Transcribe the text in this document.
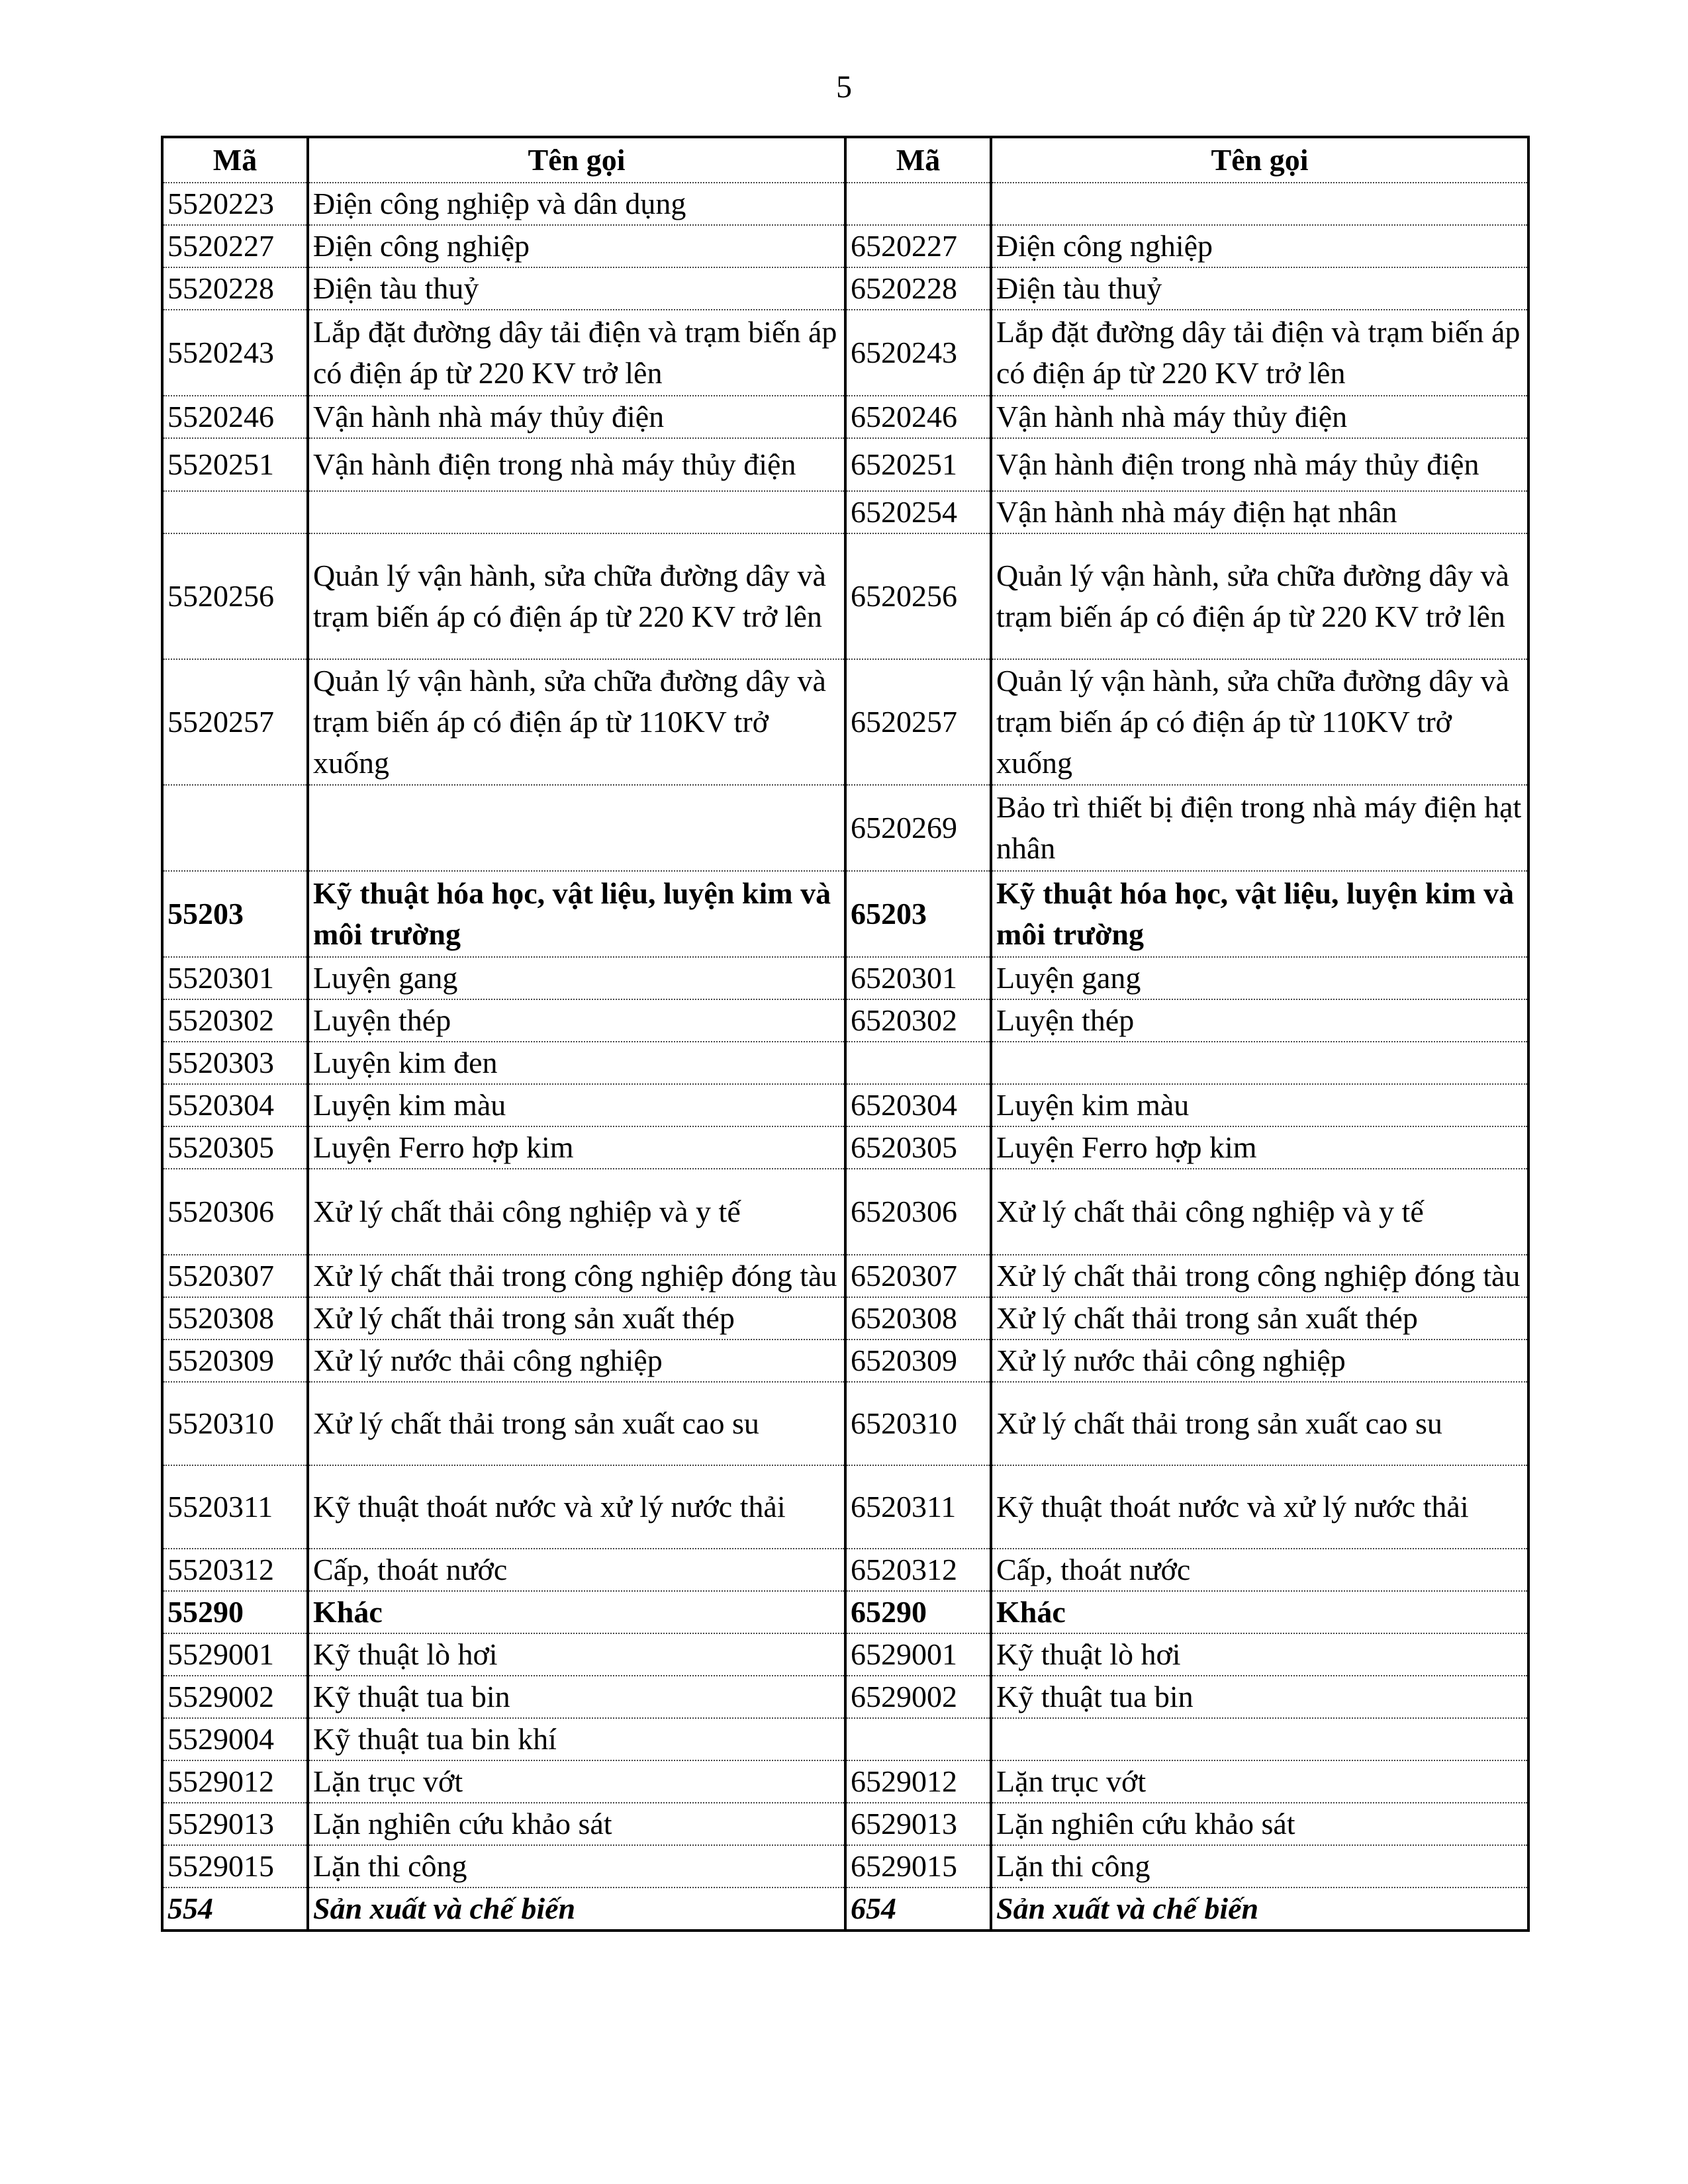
5
Mã	Tên gọi	Mã	Tên gọi
5520223	Điện công nghiệp và dân dụng		
5520227	Điện công nghiệp	6520227	Điện công nghiệp
5520228	Điện tàu thuỷ	6520228	Điện tàu thuỷ
5520243	Lắp đặt đường dây tải điện và trạm biến áp có điện áp từ 220 KV trở lên	6520243	Lắp đặt đường dây tải điện và trạm biến áp có điện áp từ 220 KV trở lên
5520246	Vận hành nhà máy thủy điện	6520246	Vận hành nhà máy thủy điện
5520251	Vận hành điện trong nhà máy thủy điện	6520251	Vận hành điện trong nhà máy thủy điện
		6520254	Vận hành nhà máy điện hạt nhân
5520256	Quản lý vận hành, sửa chữa đường dây và trạm biến áp có điện áp từ 220 KV trở lên	6520256	Quản lý vận hành, sửa chữa đường dây và trạm biến áp có điện áp từ 220 KV trở lên
5520257	Quản lý vận hành, sửa chữa đường dây và trạm biến áp có điện áp từ 110KV trở xuống	6520257	Quản lý vận hành, sửa chữa đường dây và trạm biến áp có điện áp từ 110KV trở xuống
		6520269	Bảo trì thiết bị điện trong nhà máy điện hạt nhân
55203	Kỹ thuật hóa học, vật liệu, luyện kim và môi trường	65203	Kỹ thuật hóa học, vật liệu, luyện kim và môi trường
5520301	Luyện gang	6520301	Luyện gang
5520302	Luyện thép	6520302	Luyện thép
5520303	Luyện kim đen		
5520304	Luyện kim màu	6520304	Luyện kim màu
5520305	Luyện Ferro hợp kim	6520305	Luyện Ferro hợp kim
5520306	Xử lý chất thải công nghiệp và y tế	6520306	Xử lý chất thải công nghiệp và y tế
5520307	Xử lý chất thải trong công nghiệp đóng tàu	6520307	Xử lý chất thải trong công nghiệp đóng tàu
5520308	Xử lý chất thải trong sản xuất thép	6520308	Xử lý chất thải trong sản xuất thép
5520309	Xử lý nước thải công nghiệp	6520309	Xử lý nước thải công nghiệp
5520310	Xử lý chất thải trong sản xuất cao su	6520310	Xử lý chất thải trong sản xuất cao su
5520311	Kỹ thuật thoát nước và xử lý nước thải	6520311	Kỹ thuật thoát nước và xử lý nước thải
5520312	Cấp, thoát nước	6520312	Cấp, thoát nước
55290	Khác	65290	Khác
5529001	Kỹ thuật lò hơi	6529001	Kỹ thuật lò hơi
5529002	Kỹ thuật tua bin	6529002	Kỹ thuật tua bin
5529004	Kỹ thuật tua bin khí		
5529012	Lặn trục vớt	6529012	Lặn trục vớt
5529013	Lặn nghiên cứu khảo sát	6529013	Lặn nghiên cứu khảo sát
5529015	Lặn thi công	6529015	Lặn thi công
554	Sản xuất và chế biến	654	Sản xuất và chế biến
